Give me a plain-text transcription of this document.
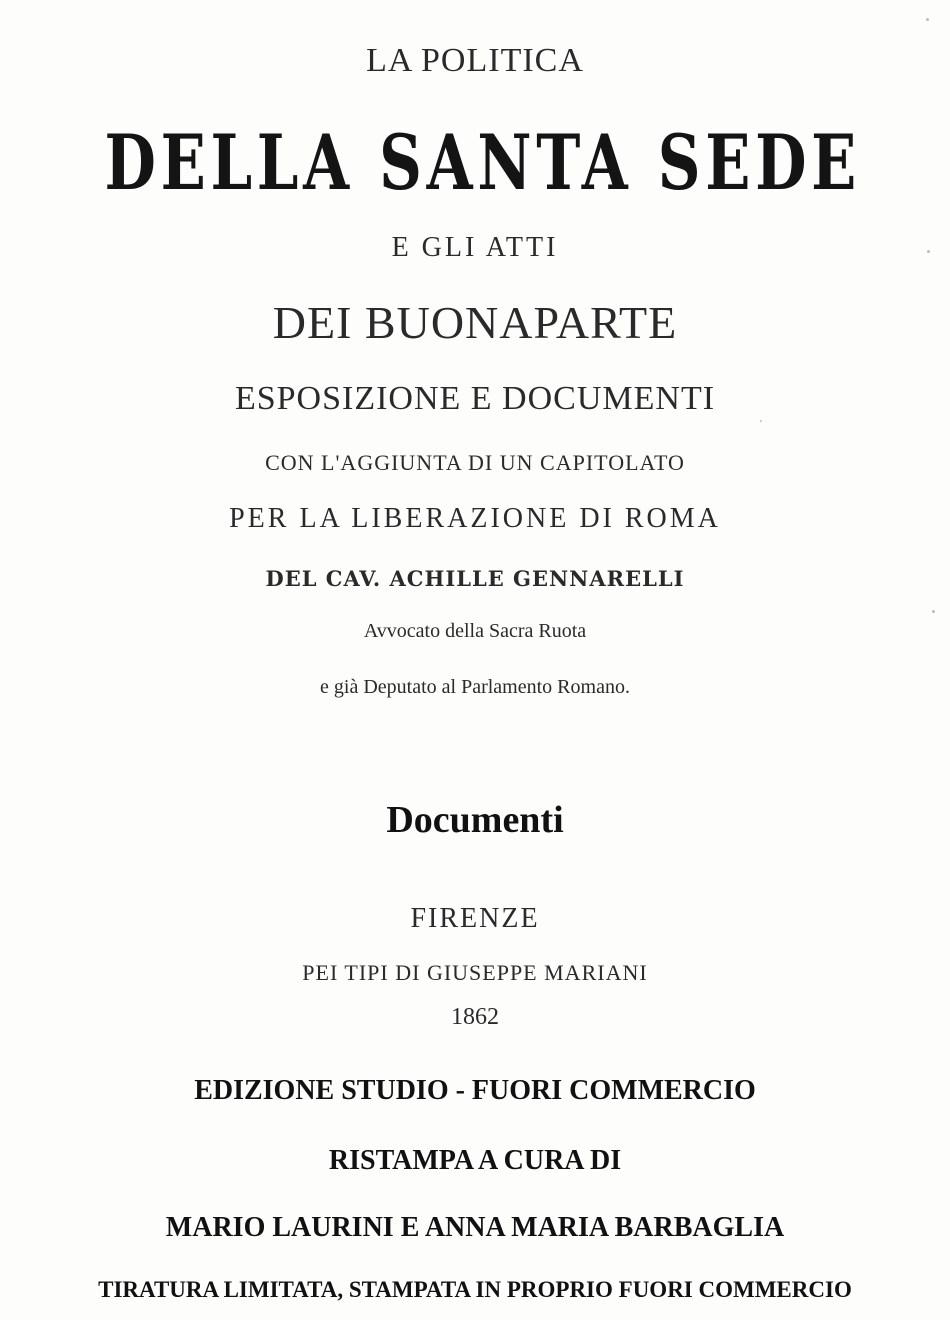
LA POLITICA
DELLA SANTA SEDE
E GLI ATTI
DEI BUONAPARTE
ESPOSIZIONE E DOCUMENTI
CON L'AGGIUNTA DI UN CAPITOLATO
PER LA LIBERAZIONE DI ROMA
DEL CAV. ACHILLE GENNARELLI
Avvocato della Sacra Ruota
e già Deputato al Parlamento Romano.
Documenti
FIRENZE
PEI TIPI DI GIUSEPPE MARIANI
1862
EDIZIONE STUDIO - FUORI COMMERCIO
RISTAMPA A CURA DI
MARIO LAURINI E ANNA MARIA BARBAGLIA
TIRATURA LIMITATA, STAMPATA IN PROPRIO FUORI COMMERCIO
